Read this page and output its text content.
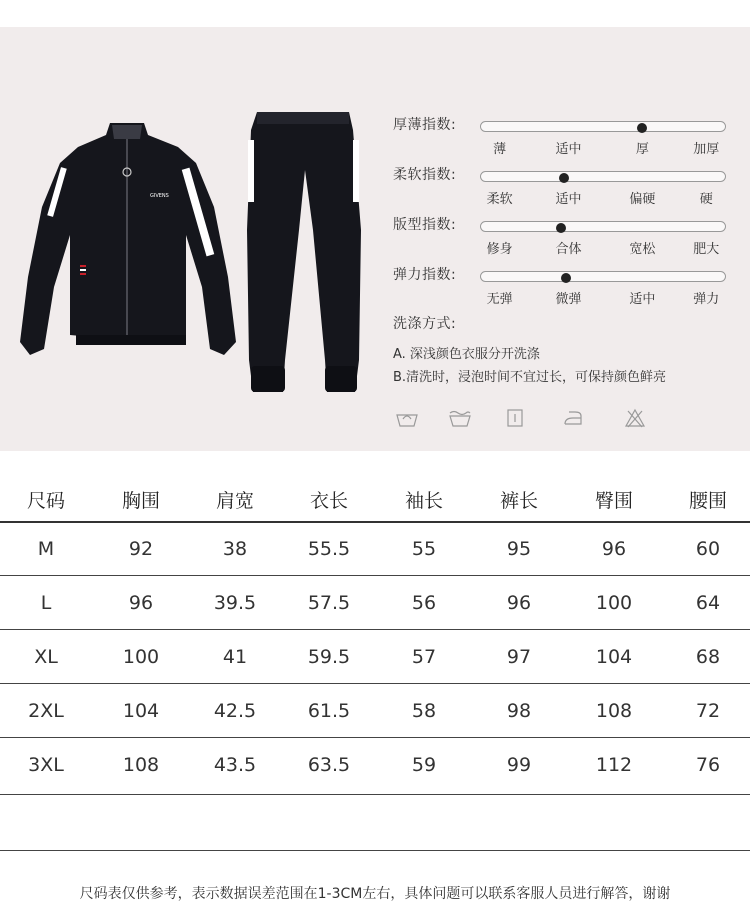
GIVENS
厚薄指数:
薄	适中	厚	加厚
柔软指数:
柔软	适中	偏硬	硬
版型指数:
修身	合体	宽松	肥大
弹力指数:
无弹	微弹	适中	弹力
洗涤方式:
A. 深浅颜色衣服分开洗涤
B.清洗时，浸泡时间不宜过长，可保持颜色鲜亮
尺码	胸围	肩宽	衣长	袖长	裤长	臀围	腰围
M	92	38	55.5	55	95	96	60
L	96	39.5	57.5	56	96	100	64
XL	100	41	59.5	57	97	104	68
2XL	104	42.5	61.5	58	98	108	72
3XL	108	43.5	63.5	59	99	112	76
尺码表仅供参考，表示数据误差范围在1-3CM左右，具体问题可以联系客服人员进行解答，谢谢
